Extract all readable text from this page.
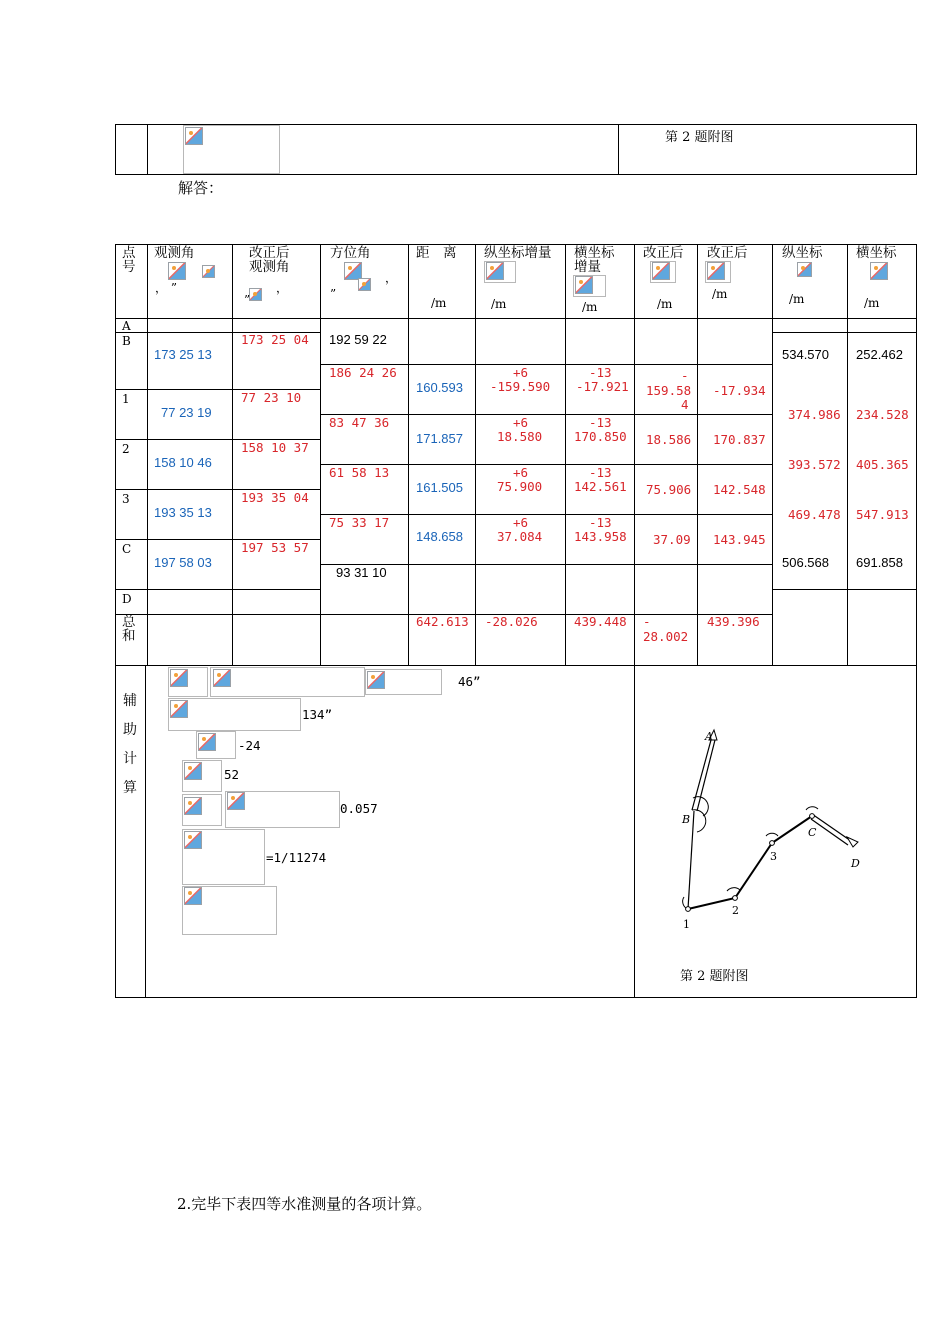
第 2 题附图
解答：
点
号
观测角
， ”
改正后
观测角
，
”
方位角
，
”
距　离
/m
纵坐标增量
/m
横坐标
增量
/m
改正后
/m
改正后
/m
纵坐标
/m
横坐标
/m
A
B
1
2
3
C
D
总
和
173 25 13
77 23 19
158 10 46
193 35 13
197 58 03
173 25 04
77 23 10
158 10 37
193 35 04
197 53 57
192 59 22
186 24 26
83 47 36
61 58 13
75 33 17
93 31 10
160.593
171.857
161.505
148.658
+6
-159.590
+6
18.580
+6
75.900
+6
37.084
-13
-17.921
-13
170.850
-13
142.561
-13
143.958
-
159.58
4
18.586
75.906
37.09
-17.934
170.837
142.548
143.945
534.570
374.986
393.572
469.478
506.568
252.462
234.528
405.365
547.913
691.858
642.613 -28.026	439.448 -
28.002
439.396
辅
助
计
算
46”
134”
-24
52
0.057
=1/11274
A
B
1
2
3
C
D
第 2 题附图
2.完毕下表四等水准测量的各项计算。
